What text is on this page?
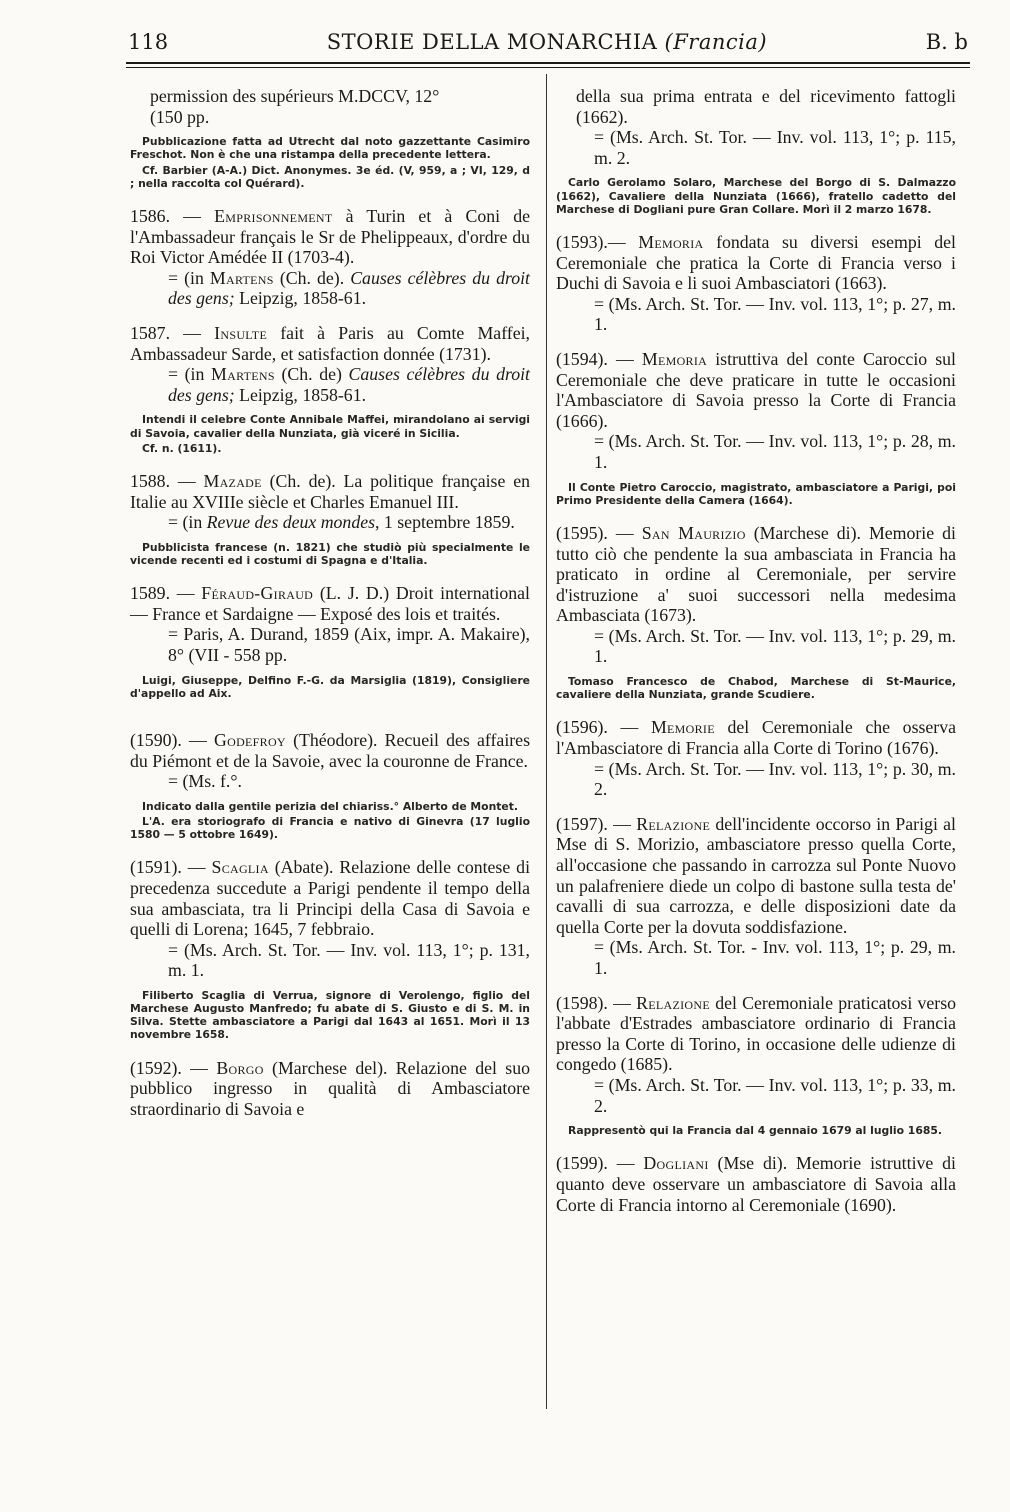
118	STORIE DELLA MONARCHIA (Francia)	B. b
permission des supérieurs M.DCCV, 12°
(150 pp.

Pubblicazione fatta ad Utrecht dal noto gazzettante Casimiro Freschot. Non è che una ristampa della precedente lettera.

Cf. Barbier (A-A.) Dict. Anonymes. 3e éd. (V, 959, a ; VI, 129, d ; nella raccolta col Quérard).

1586. — Emprisonnement à Turin et à Coni de l'Ambassadeur français le Sr de Phelippeaux, d'ordre du Roi Victor Amédée II (1703-4).
= (in Martens (Ch. de). Causes célèbres du droit des gens; Leipzig, 1858-61.
1587. — Insulte fait à Paris au Comte Maffei, Ambassadeur Sarde, et satisfaction donnée (1731).
= (in Martens (Ch. de) Causes célèbres du droit des gens; Leipzig, 1858-61.

Intendi il celebre Conte Annibale Maffei, mirandolano ai servigi di Savoia, cavalier della Nunziata, già viceré in Sicilia.

Cf. n. (1611).

1588. — Mazade (Ch. de). La politique française en Italie au XVIIIe siècle et Charles Emanuel III.
= (in Revue des deux mondes, 1 septembre 1859.

Pubblicista francese (n. 1821) che studiò più specialmente le vicende recenti ed i costumi di Spagna e d'Italia.

1589. — Féraud-Giraud (L. J. D.) Droit international — France et Sardaigne — Exposé des lois et traités.
= Paris, A. Durand, 1859 (Aix, impr. A. Makaire), 8° (VII - 558 pp.

Luigi, Giuseppe, Delfino F.-G. da Marsiglia (1819), Consigliere d'appello ad Aix.

(1590). — Godefroy (Théodore). Recueil des affaires du Piémont et de la Savoie, avec la couronne de France.
= (Ms. f.°.

Indicato dalla gentile perizia del chiariss.° Alberto de Montet.

L'A. era storiografo di Francia e nativo di Ginevra (17 luglio 1580 — 5 ottobre 1649).

(1591). — Scaglia (Abate). Relazione delle contese di precedenza succedute a Parigi pendente il tempo della sua ambasciata, tra li Principi della Casa di Savoia e quelli di Lorena; 1645, 7 febbraio.
= (Ms. Arch. St. Tor. — Inv. vol. 113, 1°; p. 131, m. 1.

Filiberto Scaglia di Verrua, signore di Verolengo, figlio del Marchese Augusto Manfredo; fu abate di S. Giusto e di S. M. in Silva. Stette ambasciatore a Parigi dal 1643 al 1651. Morì il 13 novembre 1658.

(1592). — Borgo (Marchese del). Relazione del suo pubblico ingresso in qualità di Ambasciatore straordinario di Savoia e
della sua prima entrata e del ricevimento fattogli (1662).
= (Ms. Arch. St. Tor. — Inv. vol. 113, 1°; p. 115, m. 2.

Carlo Gerolamo Solaro, Marchese del Borgo di S. Dalmazzo (1662), Cavaliere della Nunziata (1666), fratello cadetto del Marchese di Dogliani pure Gran Collare. Morì il 2 marzo 1678.

(1593).— Memoria fondata su diversi esempi del Ceremoniale che pratica la Corte di Francia verso i Duchi di Savoia e li suoi Ambasciatori (1663).
= (Ms. Arch. St. Tor. — Inv. vol. 113, 1°; p. 27, m. 1.
(1594). — Memoria istruttiva del conte Caroccio sul Ceremoniale che deve praticare in tutte le occasioni l'Ambasciatore di Savoia presso la Corte di Francia (1666).
= (Ms. Arch. St. Tor. — Inv. vol. 113, 1°; p. 28, m. 1.

Il Conte Pietro Caroccio, magistrato, ambasciatore a Parigi, poi Primo Presidente della Camera (1664).

(1595). — San Maurizio (Marchese di). Memorie di tutto ciò che pendente la sua ambasciata in Francia ha praticato in ordine al Ceremoniale, per servire d'istruzione a' suoi successori nella medesima Ambasciata (1673).
= (Ms. Arch. St. Tor. — Inv. vol. 113, 1°; p. 29, m. 1.

Tomaso Francesco de Chabod, Marchese di St-Maurice, cavaliere della Nunziata, grande Scudiere.

(1596). — Memorie del Ceremoniale che osserva l'Ambasciatore di Francia alla Corte di Torino (1676).
= (Ms. Arch. St. Tor. — Inv. vol. 113, 1°; p. 30, m. 2.
(1597). — Relazione dell'incidente occorso in Parigi al Mse di S. Morizio, ambasciatore presso quella Corte, all'occasione che passando in carrozza sul Ponte Nuovo un palafreniere diede un colpo di bastone sulla testa de' cavalli di sua carrozza, e delle disposizioni date da quella Corte per la dovuta soddisfazione.
= (Ms. Arch. St. Tor. - Inv. vol. 113, 1°; p. 29, m. 1.
(1598). — Relazione del Ceremoniale praticatosi verso l'abbate d'Estrades ambasciatore ordinario di Francia presso la Corte di Torino, in occasione delle udienze di congedo (1685).
= (Ms. Arch. St. Tor. — Inv. vol. 113, 1°; p. 33, m. 2.

Rappresentò qui la Francia dal 4 gennaio 1679 al luglio 1685.

(1599). — Dogliani (Mse di). Memorie istruttive di quanto deve osservare un ambasciatore di Savoia alla Corte di Francia intorno al Ceremoniale (1690).
